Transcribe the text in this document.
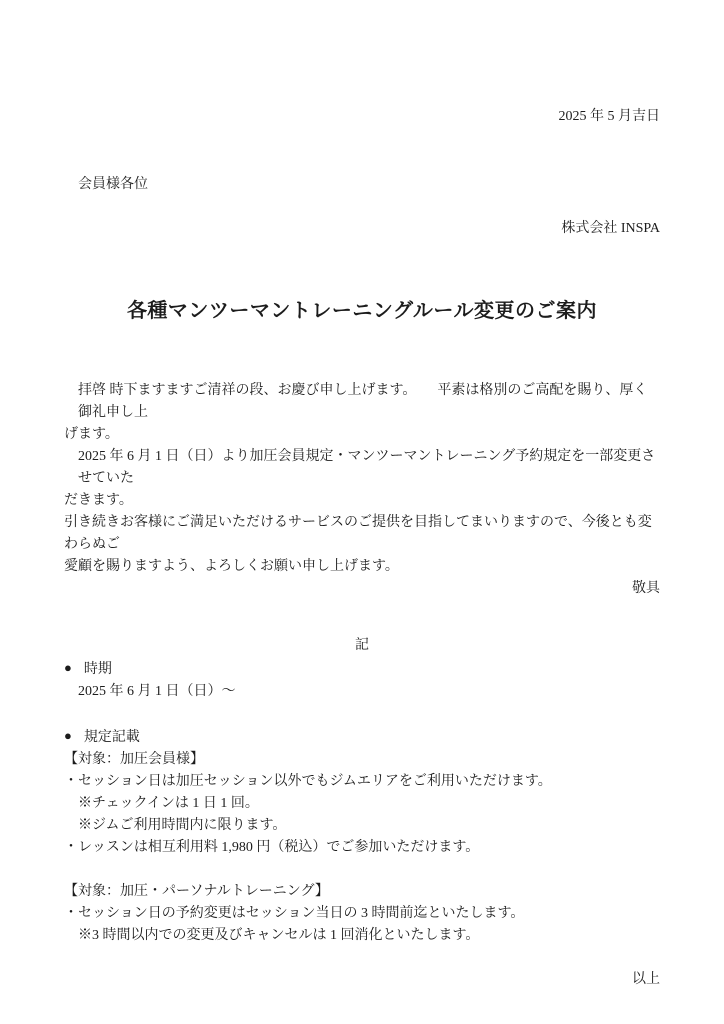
2025 年 5 月吉日
会員様各位
株式会社 INSPA
各種マンツーマントレーニングルール変更のご案内
拝啓 時下ますますご清祥の段、お慶び申し上げます。　　平素は格別のご高配を賜り、厚く御礼申し上
げます。
2025 年 6 月 1 日（日）より加圧会員規定・マンツーマントレーニング予約規定を一部変更させていた
だきます。
引き続きお客様にご満足いただけるサービスのご提供を目指してまいりますので、今後とも変わらぬご
愛顧を賜りますよう、よろしくお願い申し上げます。
敬具
記
● 時期
2025 年 6 月 1 日（日）～
● 規定記載
【対象：加圧会員様】
・セッション日は加圧セッション以外でもジムエリアをご利用いただけます。
※チェックインは 1 日 1 回。
※ジムご利用時間内に限ります。
・レッスンは相互利用料 1,980 円（税込）でご参加いただけます。
【対象：加圧・パーソナルトレーニング】
・セッション日の予約変更はセッション当日の 3 時間前迄といたします。
※3 時間以内での変更及びキャンセルは 1 回消化といたします。
以上
